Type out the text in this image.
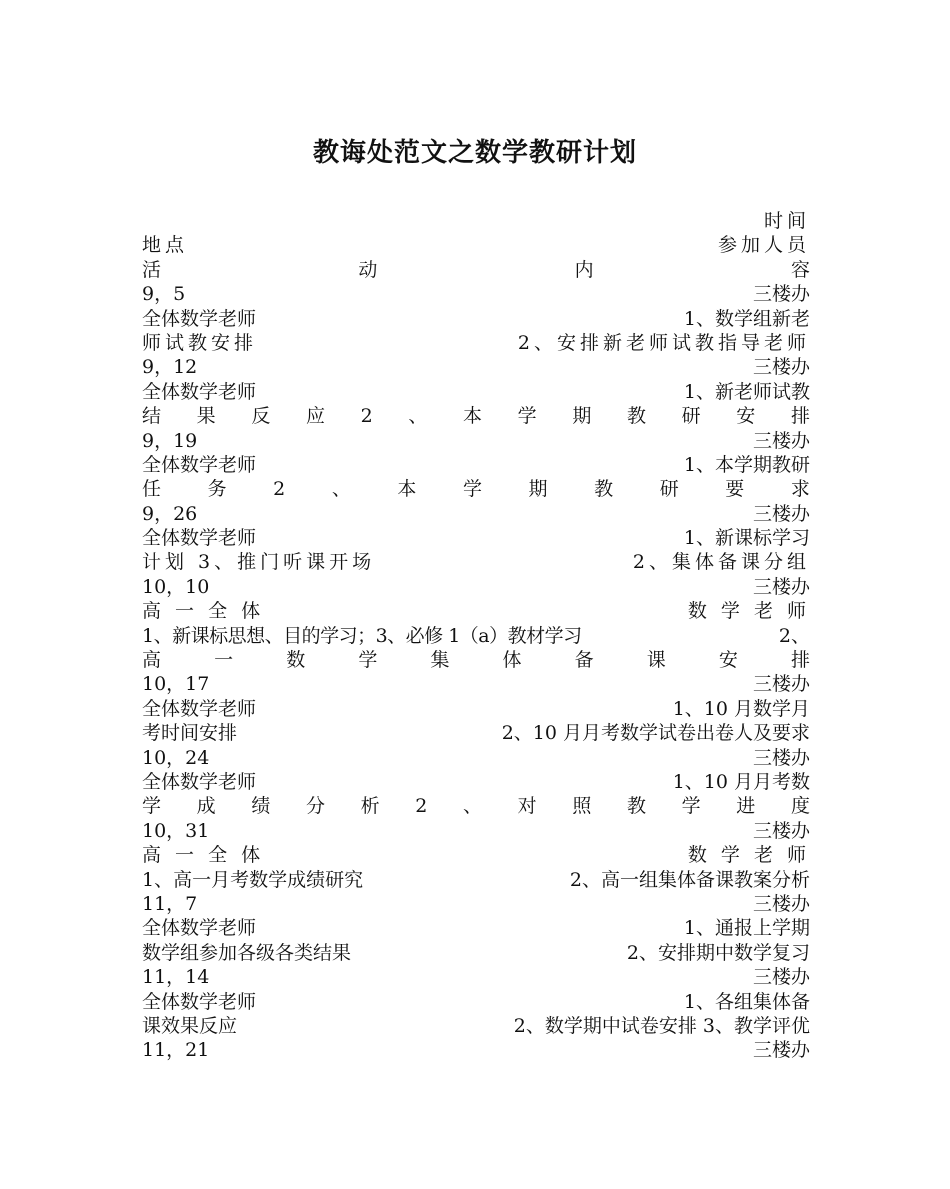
教诲处范文之数学教研计划
时间
地点	参加人员
活	动	内	容
9，5	三楼办
全体数学老师	1、数学组新老
师试教安排	2、安排新老师试教指导老师
9，12	三楼办
全体数学老师	1、新老师试教
结 果 反 应 2 、 本 学 期 教 研 安 排
9，19	三楼办
全体数学老师	1、本学期教研
任 务 2 、 本 学 期 教 研 要 求
9，26	三楼办
全体数学老师	1、新课标学习
计划 3、推门听课开场	2、集体备课分组
10，10	三楼办
高 一 全 体	数 学 老 师
1、新课标思想、目的学习；3、必修 1（a）教材学习	2、
高	一	数	学	集	体	备	课	安	排
10，17	三楼办
全体数学老师	1、10 月数学月
考时间安排	2、10 月月考数学试卷出卷人及要求
10，24	三楼办
全体数学老师	1、10 月月考数
学 成 绩 分 析 2 、 对 照 教 学 进 度
10，31	三楼办
高 一 全 体	数 学 老 师
1、高一月考数学成绩研究	2、高一组集体备课教案分析
11，7	三楼办
全体数学老师	1、通报上学期
数学组参加各级各类结果	2、安排期中数学复习
11，14	三楼办
全体数学老师	1、各组集体备
课效果反应	2、数学期中试卷安排 3、教学评优
11，21	三楼办
